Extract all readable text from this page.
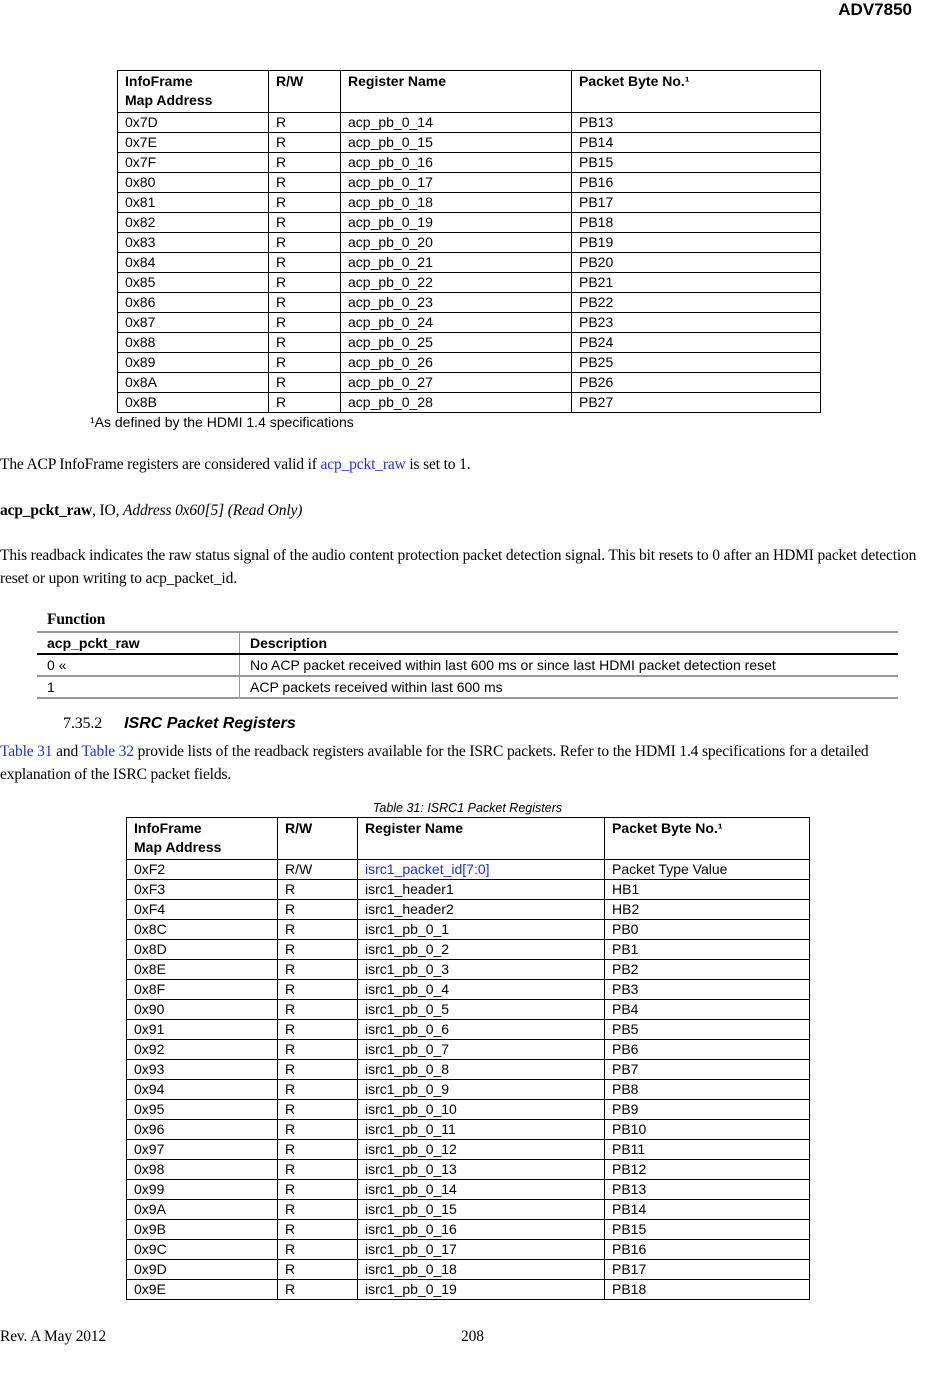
ADV7850
InfoFrame Map Address	R/W	Register Name	Packet Byte No.¹
0x7D	R	acp_pb_0_14	PB13
0x7E	R	acp_pb_0_15	PB14
0x7F	R	acp_pb_0_16	PB15
0x80	R	acp_pb_0_17	PB16
0x81	R	acp_pb_0_18	PB17
0x82	R	acp_pb_0_19	PB18
0x83	R	acp_pb_0_20	PB19
0x84	R	acp_pb_0_21	PB20
0x85	R	acp_pb_0_22	PB21
0x86	R	acp_pb_0_23	PB22
0x87	R	acp_pb_0_24	PB23
0x88	R	acp_pb_0_25	PB24
0x89	R	acp_pb_0_26	PB25
0x8A	R	acp_pb_0_27	PB26
0x8B	R	acp_pb_0_28	PB27
¹As defined by the HDMI 1.4 specifications
The ACP InfoFrame registers are considered valid if acp_pckt_raw is set to 1.
acp_pckt_raw, IO, Address 0x60[5] (Read Only)
This readback indicates the raw status signal of the audio content protection packet detection signal. This bit resets to 0 after an HDMI packet detection reset or upon writing to acp_packet_id.
Function
acp_pckt_raw	Description
0 «	No ACP packet received within last 600 ms or since last HDMI packet detection reset
1	ACP packets received within last 600 ms
7.35.2 ISRC Packet Registers
Table 31 and Table 32 provide lists of the readback registers available for the ISRC packets. Refer to the HDMI 1.4 specifications for a detailed explanation of the ISRC packet fields.
Table 31: ISRC1 Packet Registers
InfoFrame Map Address	R/W	Register Name	Packet Byte No.¹
0xF2	R/W	isrc1_packet_id[7:0]	Packet Type Value
0xF3	R	isrc1_header1	HB1
0xF4	R	isrc1_header2	HB2
0x8C	R	isrc1_pb_0_1	PB0
0x8D	R	isrc1_pb_0_2	PB1
0x8E	R	isrc1_pb_0_3	PB2
0x8F	R	isrc1_pb_0_4	PB3
0x90	R	isrc1_pb_0_5	PB4
0x91	R	isrc1_pb_0_6	PB5
0x92	R	isrc1_pb_0_7	PB6
0x93	R	isrc1_pb_0_8	PB7
0x94	R	isrc1_pb_0_9	PB8
0x95	R	isrc1_pb_0_10	PB9
0x96	R	isrc1_pb_0_11	PB10
0x97	R	isrc1_pb_0_12	PB11
0x98	R	isrc1_pb_0_13	PB12
0x99	R	isrc1_pb_0_14	PB13
0x9A	R	isrc1_pb_0_15	PB14
0x9B	R	isrc1_pb_0_16	PB15
0x9C	R	isrc1_pb_0_17	PB16
0x9D	R	isrc1_pb_0_18	PB17
0x9E	R	isrc1_pb_0_19	PB18
Rev. A May 2012	208
